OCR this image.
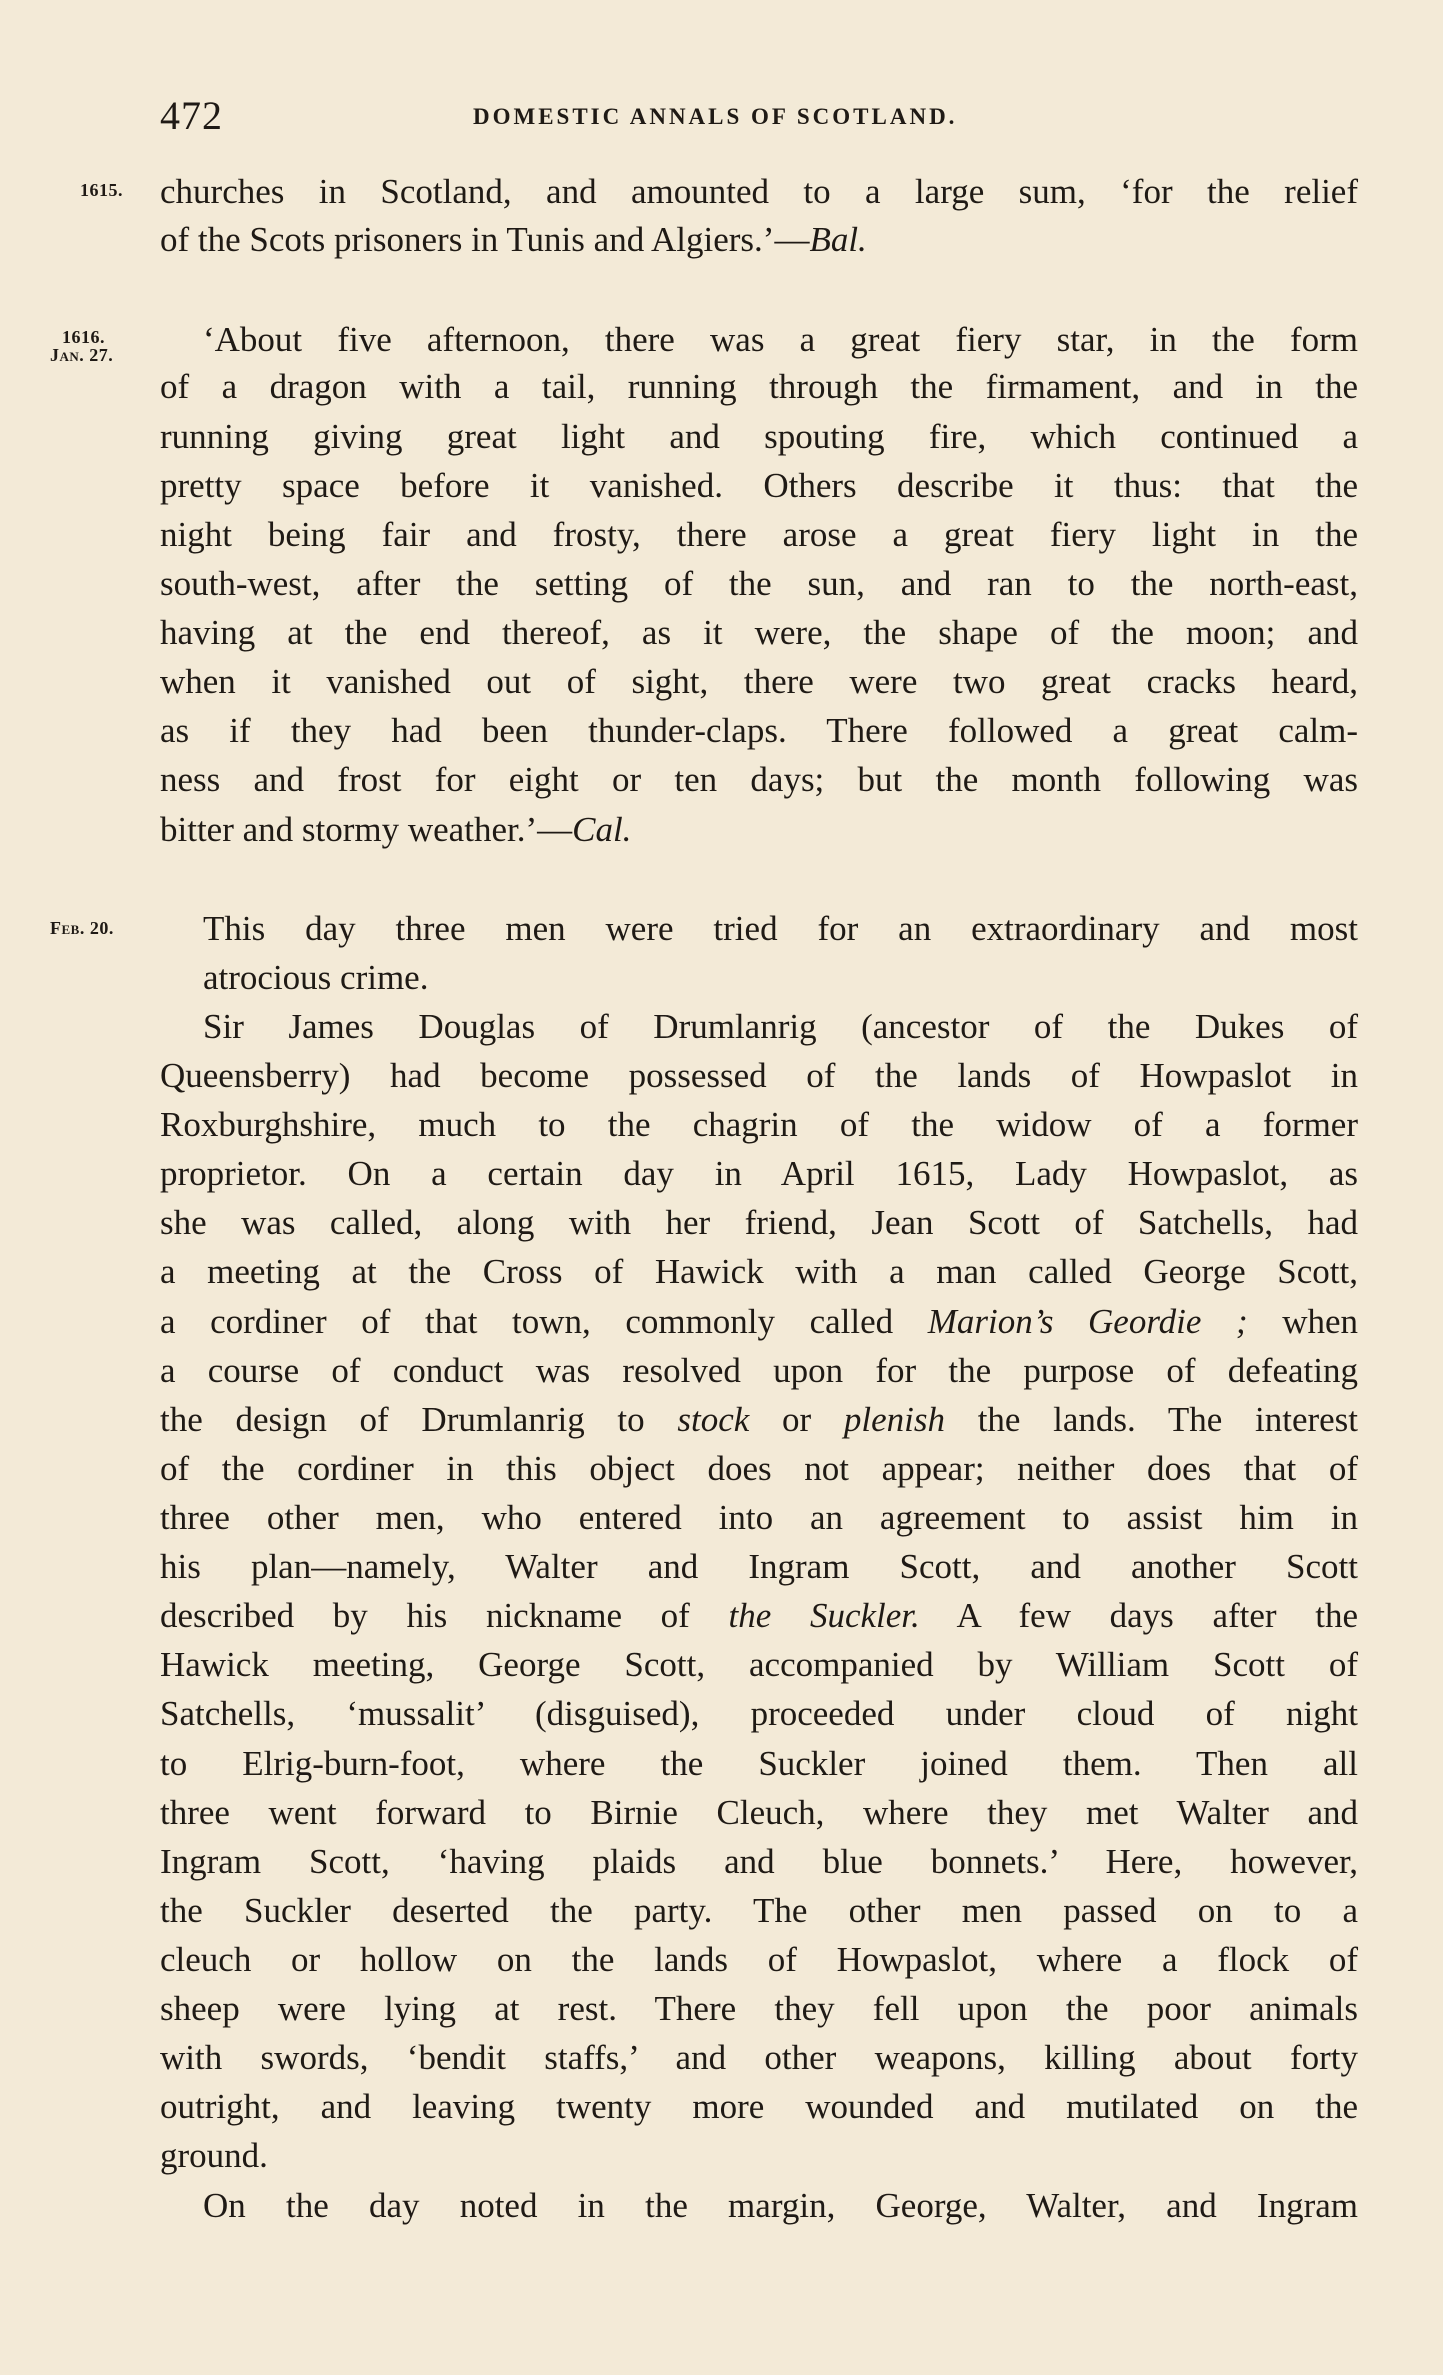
472	DOMESTIC ANNALS OF SCOTLAND.
1615.
1616.
Jan. 27.
Feb. 20.
churches in Scotland, and amounted to a large sum, ‘for the relief
of the Scots prisoners in Tunis and Algiers.’—Bal.
‘About five afternoon, there was a great fiery star, in the form
of a dragon with a tail, running through the firmament, and in the
running giving great light and spouting fire, which continued a
pretty space before it vanished. Others describe it thus: that the
night being fair and frosty, there arose a great fiery light in the
south-west, after the setting of the sun, and ran to the north-east,
having at the end thereof, as it were, the shape of the moon; and
when it vanished out of sight, there were two great cracks heard,
as if they had been thunder-claps. There followed a great calm-
ness and frost for eight or ten days; but the month following was
bitter and stormy weather.’—Cal.
This day three men were tried for an extraordinary and most
atrocious crime.
Sir James Douglas of Drumlanrig (ancestor of the Dukes of
Queensberry) had become possessed of the lands of Howpaslot in
Roxburghshire, much to the chagrin of the widow of a former
proprietor. On a certain day in April 1615, Lady Howpaslot, as
she was called, along with her friend, Jean Scott of Satchells, had
a meeting at the Cross of Hawick with a man called George Scott,
a cordiner of that town, commonly called Marion’s Geordie ; when
a course of conduct was resolved upon for the purpose of defeating
the design of Drumlanrig to stock or plenish the lands. The interest
of the cordiner in this object does not appear; neither does that of
three other men, who entered into an agreement to assist him in
his plan—namely, Walter and Ingram Scott, and another Scott
described by his nickname of the Suckler. A few days after the
Hawick meeting, George Scott, accompanied by William Scott of
Satchells, ‘mussalit’ (disguised), proceeded under cloud of night
to Elrig-burn-foot, where the Suckler joined them. Then all
three went forward to Birnie Cleuch, where they met Walter and
Ingram Scott, ‘having plaids and blue bonnets.’ Here, however,
the Suckler deserted the party. The other men passed on to a
cleuch or hollow on the lands of Howpaslot, where a flock of
sheep were lying at rest. There they fell upon the poor animals
with swords, ‘bendit staffs,’ and other weapons, killing about forty
outright, and leaving twenty more wounded and mutilated on the
ground.
On the day noted in the margin, George, Walter, and Ingram
